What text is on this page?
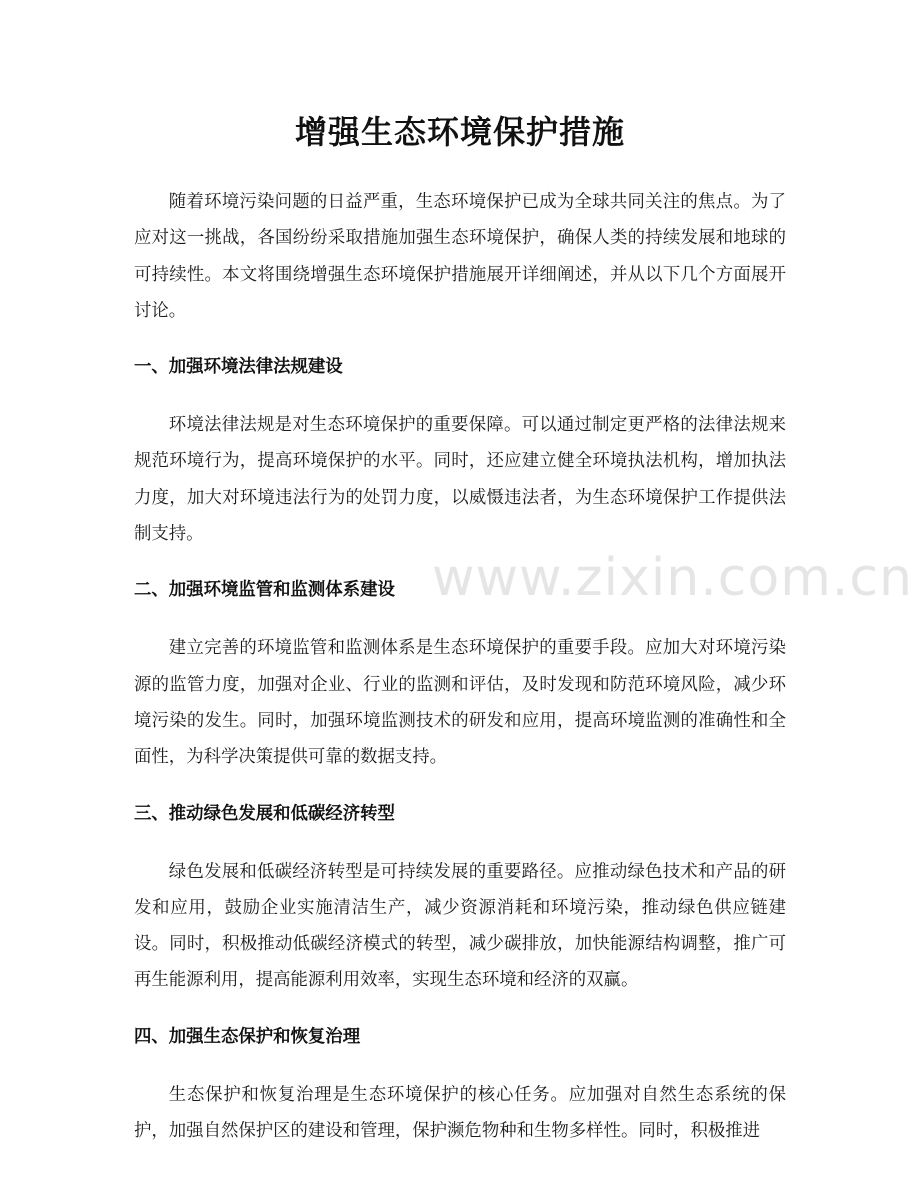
增强生态环境保护措施

随着环境污染问题的日益严重，生态环境保护已成为全球共同关注的焦点。为了应对这一挑战，各国纷纷采取措施加强生态环境保护，确保人类的持续发展和地球的可持续性。本文将围绕增强生态环境保护措施展开详细阐述，并从以下几个方面展开讨论。

一、加强环境法律法规建设

环境法律法规是对生态环境保护的重要保障。可以通过制定更严格的法律法规来规范环境行为，提高环境保护的水平。同时，还应建立健全环境执法机构，增加执法力度，加大对环境违法行为的处罚力度，以威慑违法者，为生态环境保护工作提供法制支持。

二、加强环境监管和监测体系建设

建立完善的环境监管和监测体系是生态环境保护的重要手段。应加大对环境污染源的监管力度，加强对企业、行业的监测和评估，及时发现和防范环境风险，减少环境污染的发生。同时，加强环境监测技术的研发和应用，提高环境监测的准确性和全面性，为科学决策提供可靠的数据支持。

三、推动绿色发展和低碳经济转型

绿色发展和低碳经济转型是可持续发展的重要路径。应推动绿色技术和产品的研发和应用，鼓励企业实施清洁生产，减少资源消耗和环境污染，推动绿色供应链建设。同时，积极推动低碳经济模式的转型，减少碳排放，加快能源结构调整，推广可再生能源利用，提高能源利用效率，实现生态环境和经济的双赢。

四、加强生态保护和恢复治理

生态保护和恢复治理是生态环境保护的核心任务。应加强对自然生态系统的保护，加强自然保护区的建设和管理，保护濒危物种和生物多样性。同时，积极推进

www.zixin.com.cn
